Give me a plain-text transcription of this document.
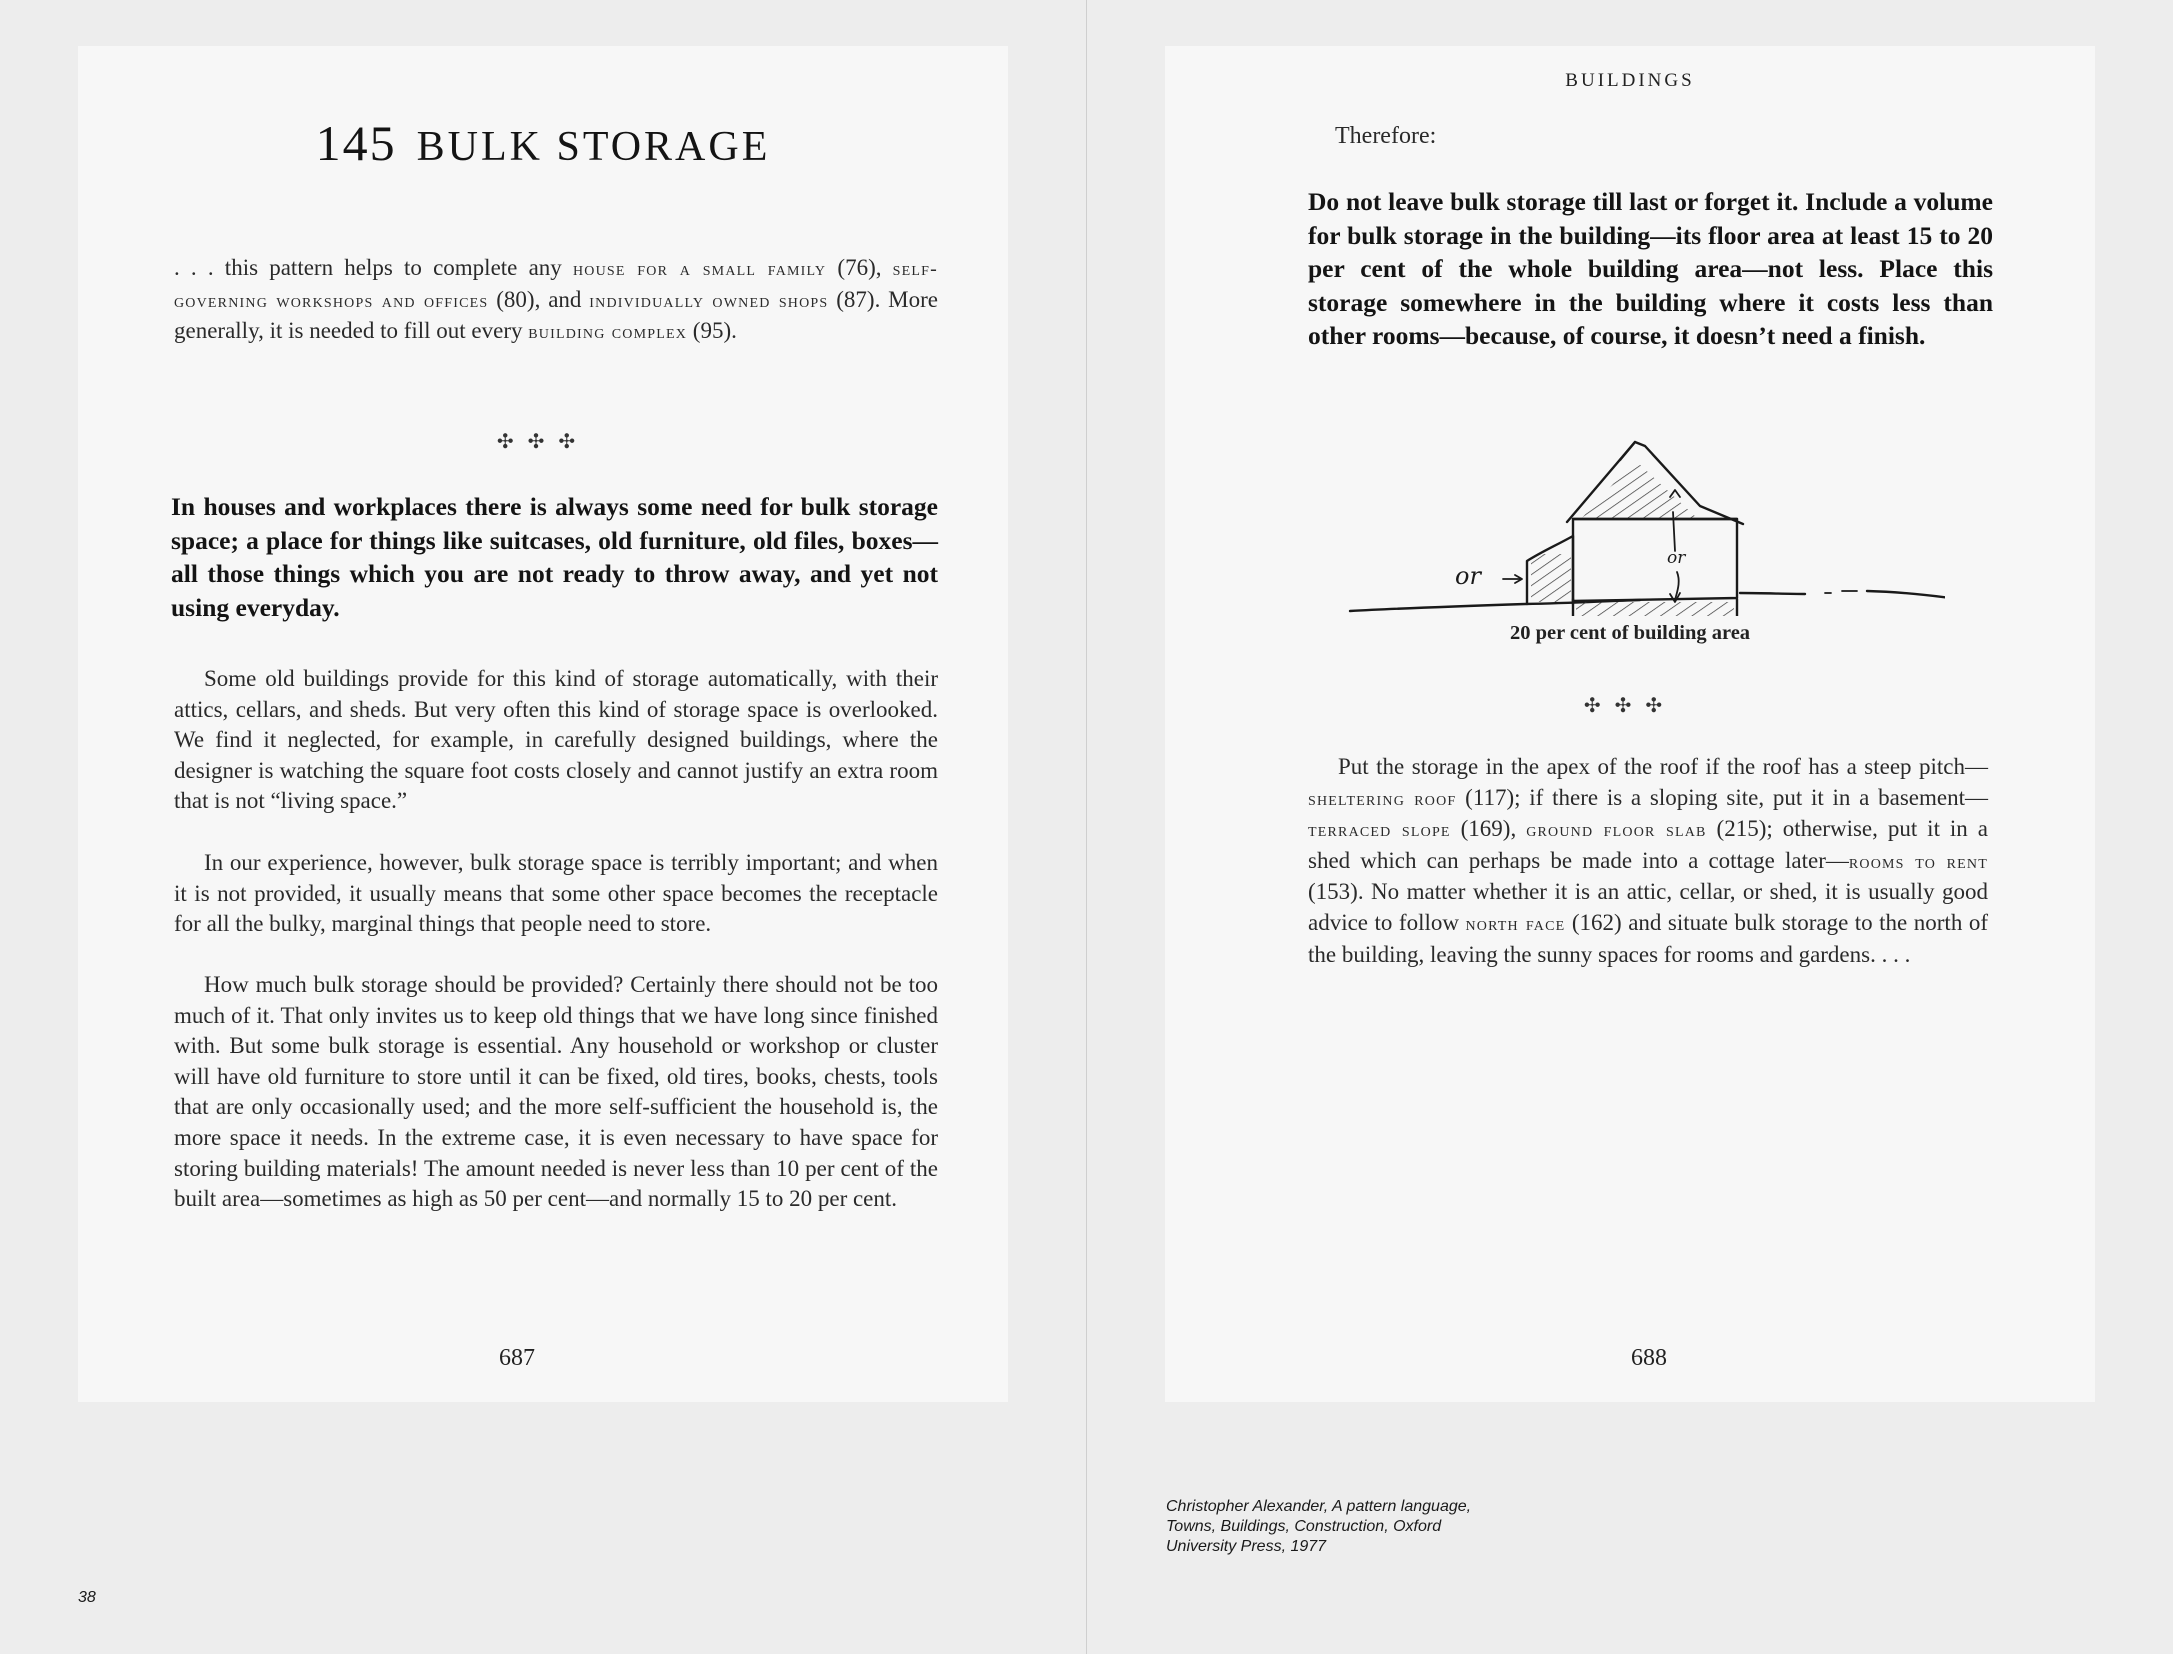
145 BULK STORAGE

. . . this pattern helps to complete any house for a small family (76), self-governing workshops and offices (80), and individually owned shops (87). More generally, it is needed to fill out every building complex (95).

✣✣✣

In houses and workplaces there is always some need for bulk storage space; a place for things like suitcases, old furniture, old files, boxes—all those things which you are not ready to throw away, and yet not using everyday.

Some old buildings provide for this kind of storage automatically, with their attics, cellars, and sheds. But very often this kind of storage space is overlooked. We find it neglected, for example, in carefully designed buildings, where the designer is watching the square foot costs closely and cannot justify an extra room that is not “living space.”

In our experience, however, bulk storage space is terribly important; and when it is not provided, it usually means that some other space becomes the receptacle for all the bulky, marginal things that people need to store.

How much bulk storage should be provided? Certainly there should not be too much of it. That only invites us to keep old things that we have long since finished with. But some bulk storage is essential. Any household or workshop or cluster will have old furniture to store until it can be fixed, old tires, books, chests, tools that are only occasionally used; and the more self-sufficient the household is, the more space it needs. In the extreme case, it is even necessary to have space for storing building materials! The amount needed is never less than 10 per cent of the built area—sometimes as high as 50 per cent—and normally 15 to 20 per cent.

687
BUILDINGS
Therefore:

Do not leave bulk storage till last or forget it. Include a volume for bulk storage in the building—its floor area at least 15 to 20 per cent of the whole building area—not less. Place this storage somewhere in the building where it costs less than other rooms—because, of course, it doesn’t need a finish.

or
or
20 per cent of building area
✣✣✣

Put the storage in the apex of the roof if the roof has a steep pitch—sheltering roof (117); if there is a sloping site, put it in a basement—terraced slope (169), ground floor slab (215); otherwise, put it in a shed which can perhaps be made into a cottage later—rooms to rent (153). No matter whether it is an attic, cellar, or shed, it is usually good advice to follow north face (162) and situate bulk storage to the north of the building, leaving the sunny spaces for rooms and gardens. . . .

688
Christopher Alexander, A pattern language, Towns, Buildings, Construction, Oxford University Press, 1977
38
